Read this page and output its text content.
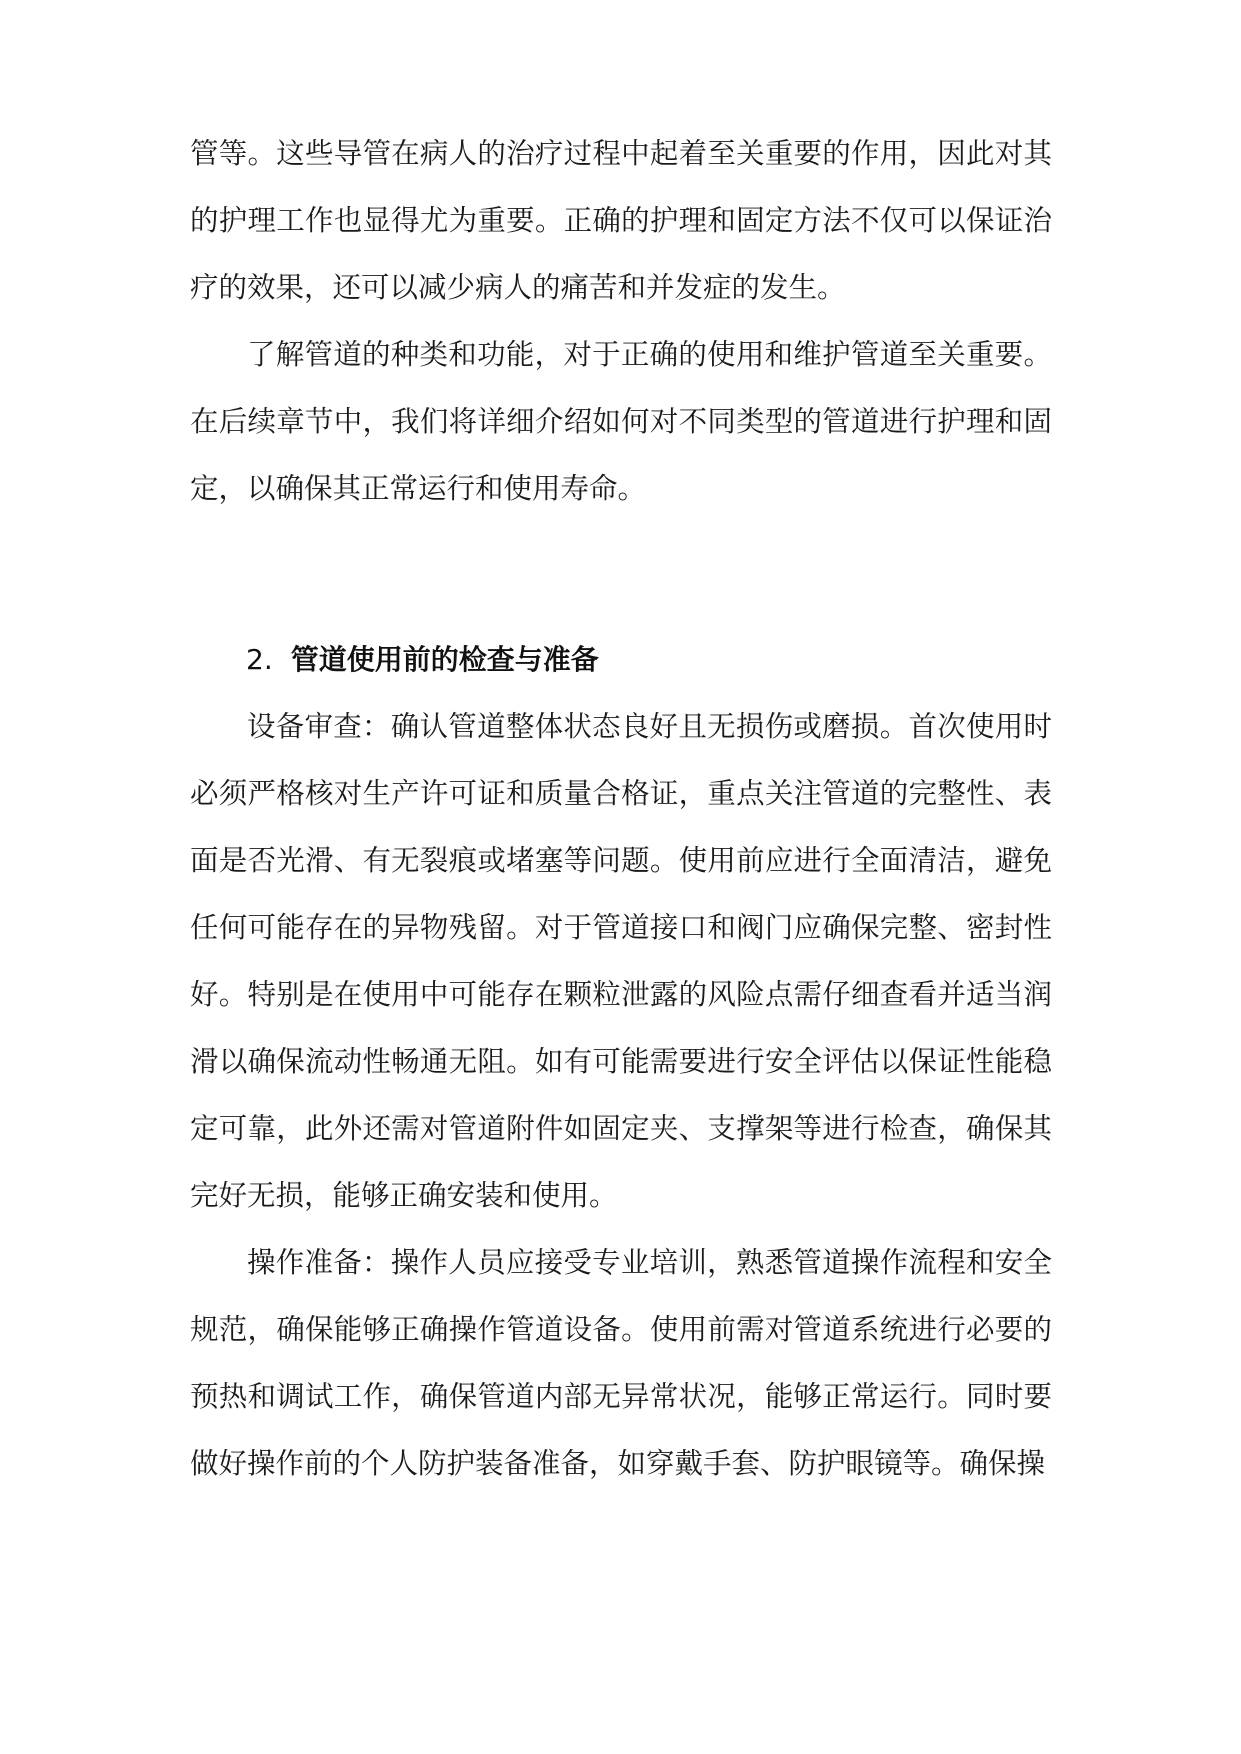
管等。这些导管在病人的治疗过程中起着至关重要的作用，因此对其的护理工作也显得尤为重要。正确的护理和固定方法不仅可以保证治疗的效果，还可以减少病人的痛苦和并发症的发生。

了解管道的种类和功能，对于正确的使用和维护管道至关重要。在后续章节中，我们将详细介绍如何对不同类型的管道进行护理和固定，以确保其正常运行和使用寿命。

2. 管道使用前的检查与准备

设备审查：确认管道整体状态良好且无损伤或磨损。首次使用时必须严格核对生产许可证和质量合格证，重点关注管道的完整性、表面是否光滑、有无裂痕或堵塞等问题。使用前应进行全面清洁，避免任何可能存在的异物残留。对于管道接口和阀门应确保完整、密封性好。特别是在使用中可能存在颗粒泄露的风险点需仔细查看并适当润滑以确保流动性畅通无阻。如有可能需要进行安全评估以保证性能稳定可靠，此外还需对管道附件如固定夹、支撑架等进行检查，确保其完好无损，能够正确安装和使用。

操作准备：操作人员应接受专业培训，熟悉管道操作流程和安全规范，确保能够正确操作管道设备。使用前需对管道系统进行必要的预热和调试工作，确保管道内部无异常状况，能够正常运行。同时要做好操作前的个人防护装备准备，如穿戴手套、防护眼镜等。确保操
